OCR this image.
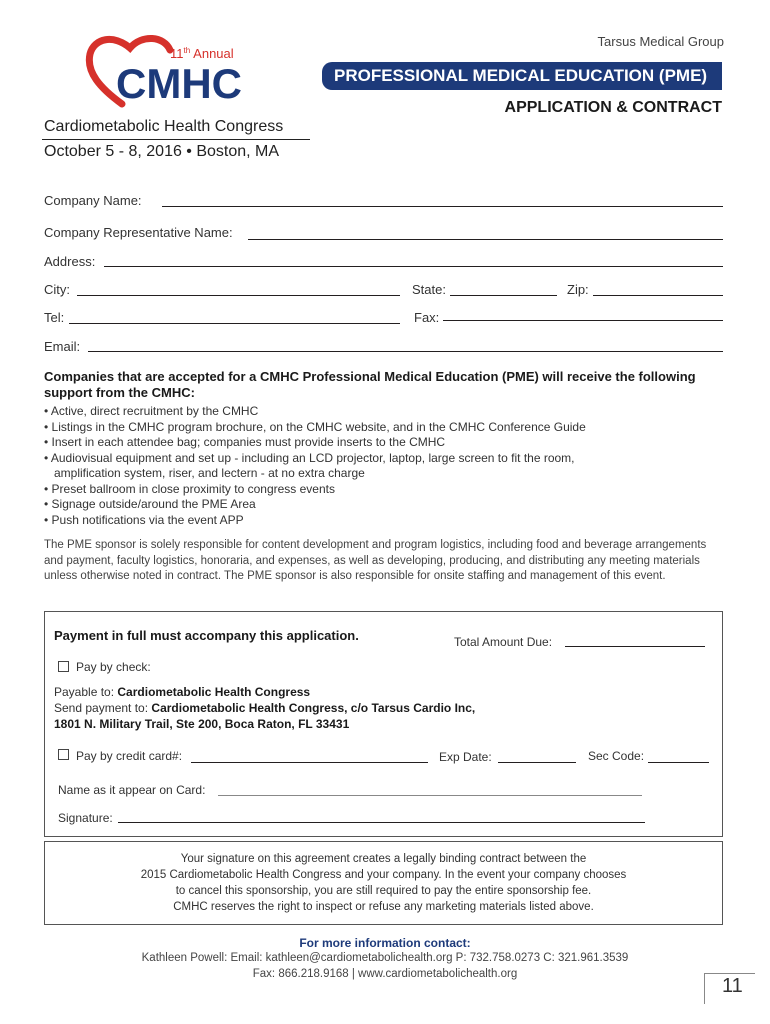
Tarsus Medical Group
11th Annual
CMHC
Cardiometabolic Health Congress
October 5 - 8, 2016 • Boston, MA
PROFESSIONAL MEDICAL EDUCATION (PME)
APPLICATION & CONTRACT
Company Name:
Company Representative Name:
Address:
City:	State:	Zip:
Tel:	Fax:
Email:
Companies that are accepted for a CMHC Professional Medical Education (PME) will receive the following support from the CMHC:

• Active, direct recruitment by the CMHC

• Listings in the CMHC program brochure, on the CMHC website, and in the CMHC Conference Guide

• Insert in each attendee bag; companies must provide inserts to the CMHC

• Audiovisual equipment and set up - including an LCD projector, laptop, large screen to fit the room,

amplification system, riser, and lectern - at no extra charge

• Preset ballroom in close proximity to congress events

• Signage outside/around the PME Area

• Push notifications via the event APP

The PME sponsor is solely responsible for content development and program logistics, including food and beverage arrangements and payment, faculty logistics, honoraria, and expenses, as well as developing, producing, and distributing any meeting materials unless otherwise noted in contract. The PME sponsor is also responsible for onsite staffing and management of this event.
Payment in full must accompany this application.	Total Amount Due:
Pay by check:
Payable to: Cardiometabolic Health Congress
Send payment to: Cardiometabolic Health Congress, c/o Tarsus Cardio Inc,
1801 N. Military Trail, Ste 200, Boca Raton, FL 33431
Pay by credit card#:	Exp Date:	Sec Code:
Name as it appear on Card:
Signature:
Your signature on this agreement creates a legally binding contract between the
2015 Cardiometabolic Health Congress and your company. In the event your company chooses
to cancel this sponsorship, you are still required to pay the entire sponsorship fee.
CMHC reserves the right to inspect or refuse any marketing materials listed above.
For more information contact:
Kathleen Powell: Email: kathleen@cardiometabolichealth.org P: 732.758.0273 C: 321.961.3539
Fax: 866.218.9168 | www.cardiometabolichealth.org
11
